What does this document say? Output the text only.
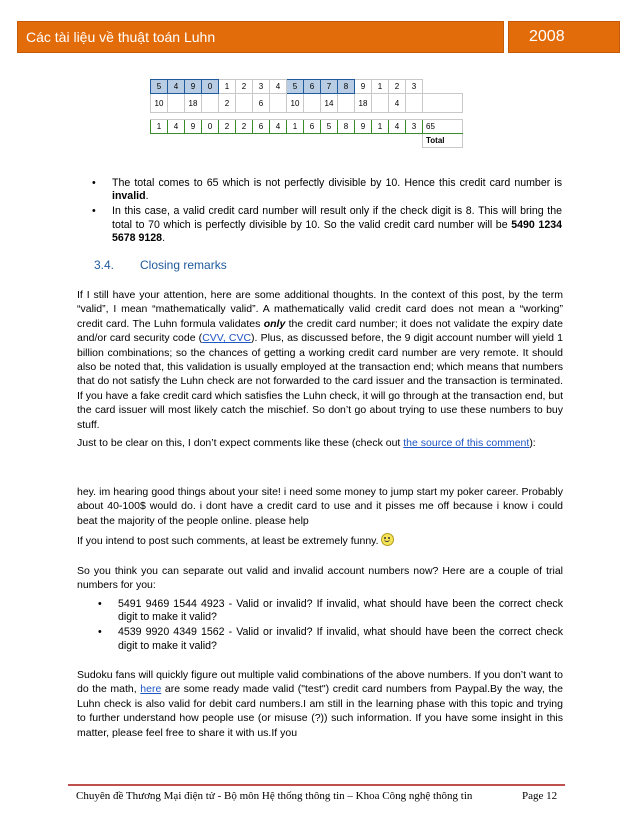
Các tài liệu về thuật toán Luhn	2008
5	4	9	0	1	2	3	4	5	6	7	8	9	1	2	3	
10		18		2		6		10		14		18		4		

1	4	9	0	2	2	6	4	1	6	5	8	9	1	4	3	65
																Total
• The total comes to 65 which is not perfectly divisible by 10. Hence this credit card number is invalid.
• In this case, a valid credit card number will result only if the check digit is 8. This will bring the total to 70 which is perfectly divisible by 10. So the valid credit card number will be 5490 1234 5678 9128.
3.4. Closing remarks

If I still have your attention, here are some additional thoughts. In the context of this post, by the term “valid”, I mean “mathematically valid”. A mathematically valid credit card does not mean a “working” credit card. The Luhn formula validates only the credit card number; it does not validate the expiry date and/or card security code (CVV, CVC). Plus, as discussed before, the 9 digit account number will yield 1 billion combinations; so the chances of getting a working credit card number are very remote. It should also be noted that, this validation is usually employed at the transaction end; which means that numbers that do not satisfy the Luhn check are not forwarded to the card issuer and the transaction is terminated. If you have a fake credit card which satisfies the Luhn check, it will go through at the transaction end, but the card issuer will most likely catch the mischief. So don’t go about trying to use these numbers to buy stuff.

Just to be clear on this, I don’t expect comments like these (check out the source of this comment):

hey. im hearing good things about your site! i need some money to jump start my poker career. Probably about 40-100$ would do. i dont have a credit card to use and it pisses me off because i know i could beat the majority of the people online. please help

If you intend to post such comments, at least be extremely funny.

So you think you can separate out valid and invalid account numbers now? Here are a couple of trial numbers for you:

• 5491 9469 1544 4923 - Valid or invalid? If invalid, what should have been the correct check digit to make it valid?
• 4539 9920 4349 1562 - Valid or invalid? If invalid, what should have been the correct check digit to make it valid?

Sudoku fans will quickly figure out multiple valid combinations of the above numbers. If you don’t want to do the math, here are some ready made valid ("test") credit card numbers from Paypal.By the way, the Luhn check is also valid for debit card numbers.I am still in the learning phase with this topic and trying to further understand how people use (or misuse (?)) such information. If you have some insight in this matter, please feel free to share it with us.If you

Chuyên đề Thương Mại điện tử - Bộ môn Hệ thống thông tin – Khoa Công nghệ thông tin	Page 12
